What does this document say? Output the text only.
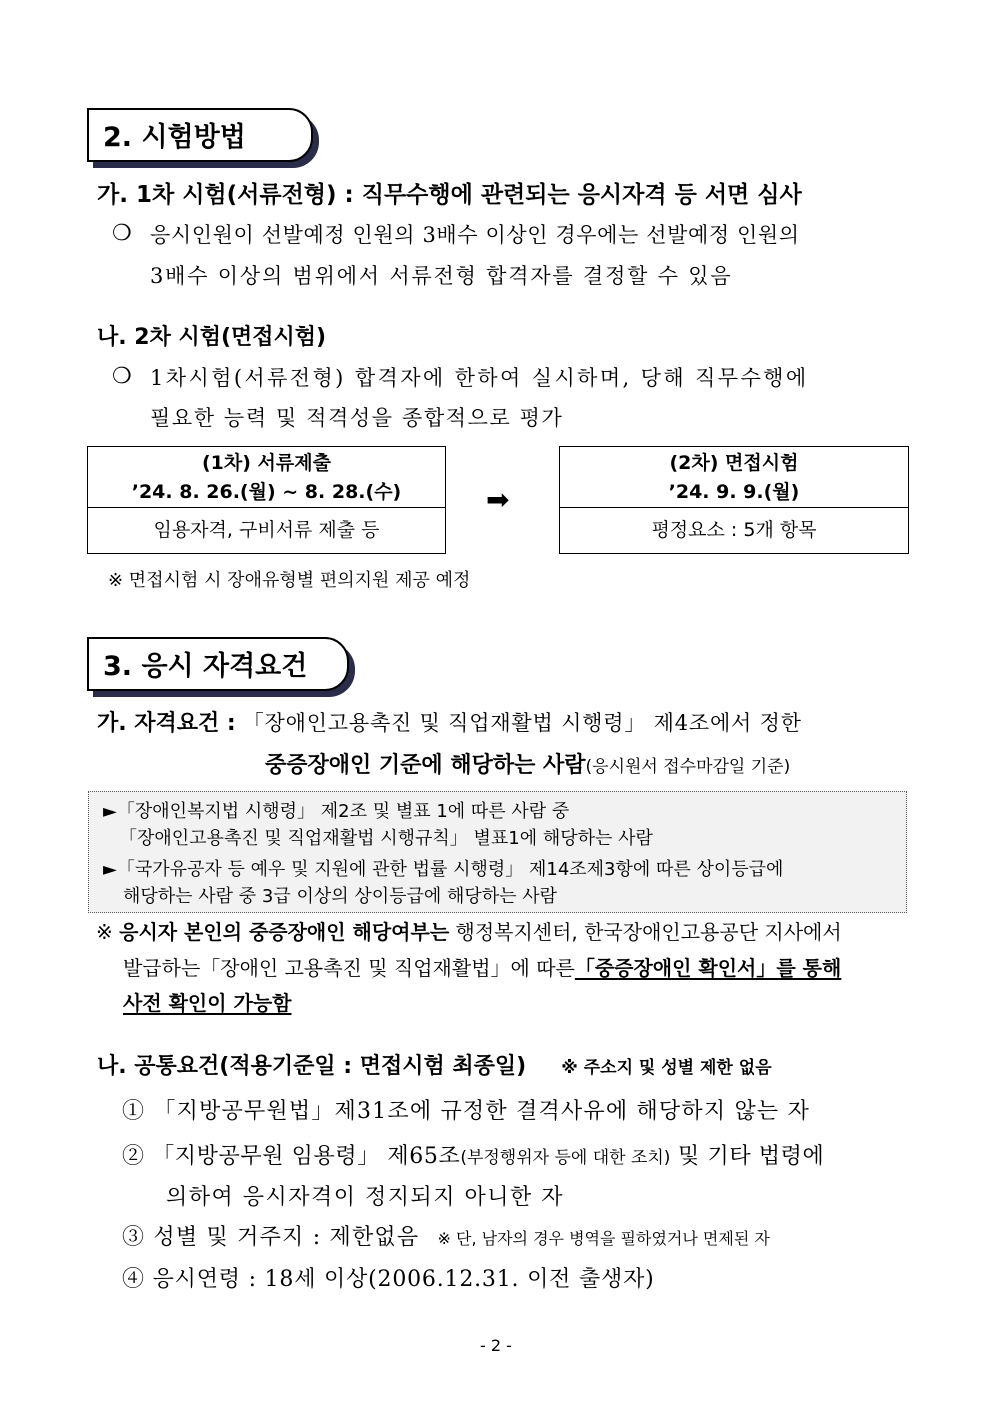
2. 시험방법
가. 1차 시험(서류전형) : 직무수행에 관련되는 응시자격 등 서면 심사
❍ 응시인원이 선발예정 인원의 3배수 이상인 경우에는 선발예정 인원의
3배수 이상의 범위에서 서류전형 합격자를 결정할 수 있음
나. 2차 시험(면접시험)
❍ 1차시험(서류전형) 합격자에 한하여 실시하며, 당해 직무수행에
필요한 능력 및 적격성을 종합적으로 평가
(1차) 서류제출
’24. 8. 26.(월) ~ 8. 28.(수)
임용자격, 구비서류 제출 등
➡
(2차) 면접시험
’24. 9. 9.(월)
평정요소 : 5개 항목
※ 면접시험 시 장애유형별 편의지원 제공 예정
3. 응시 자격요건
가. 자격요건 : 「장애인고용촉진 및 직업재활법 시행령」 제4조에서 정한
중증장애인 기준에 해당하는 사람(응시원서 접수마감일 기준)
►「장애인복지법 시행령」 제2조 및 별표 1에 따른 사람 중
「장애인고용촉진 및 직업재활법 시행규칙」 별표1에 해당하는 사람
►「국가유공자 등 예우 및 지원에 관한 법률 시행령」 제14조제3항에 따른 상이등급에
해당하는 사람 중 3급 이상의 상이등급에 해당하는 사람
※ 응시자 본인의 중증장애인 해당여부는 행정복지센터, 한국장애인고용공단 지사에서
발급하는「장애인 고용촉진 및 직업재활법」에 따른「중증장애인 확인서」를 통해
사전 확인이 가능함
나. 공통요건(적용기준일 : 면접시험 최종일) ※ 주소지 및 성별 제한 없음
① 「지방공무원법」제31조에 규정한 결격사유에 해당하지 않는 자
② 「지방공무원 임용령」 제65조(부정행위자 등에 대한 조치) 및 기타 법령에
의하여 응시자격이 정지되지 아니한 자
③ 성별 및 거주지 : 제한없음 ※ 단, 남자의 경우 병역을 필하였거나 면제된 자
④ 응시연령 : 18세 이상(2006.12.31. 이전 출생자)
- 2 -
